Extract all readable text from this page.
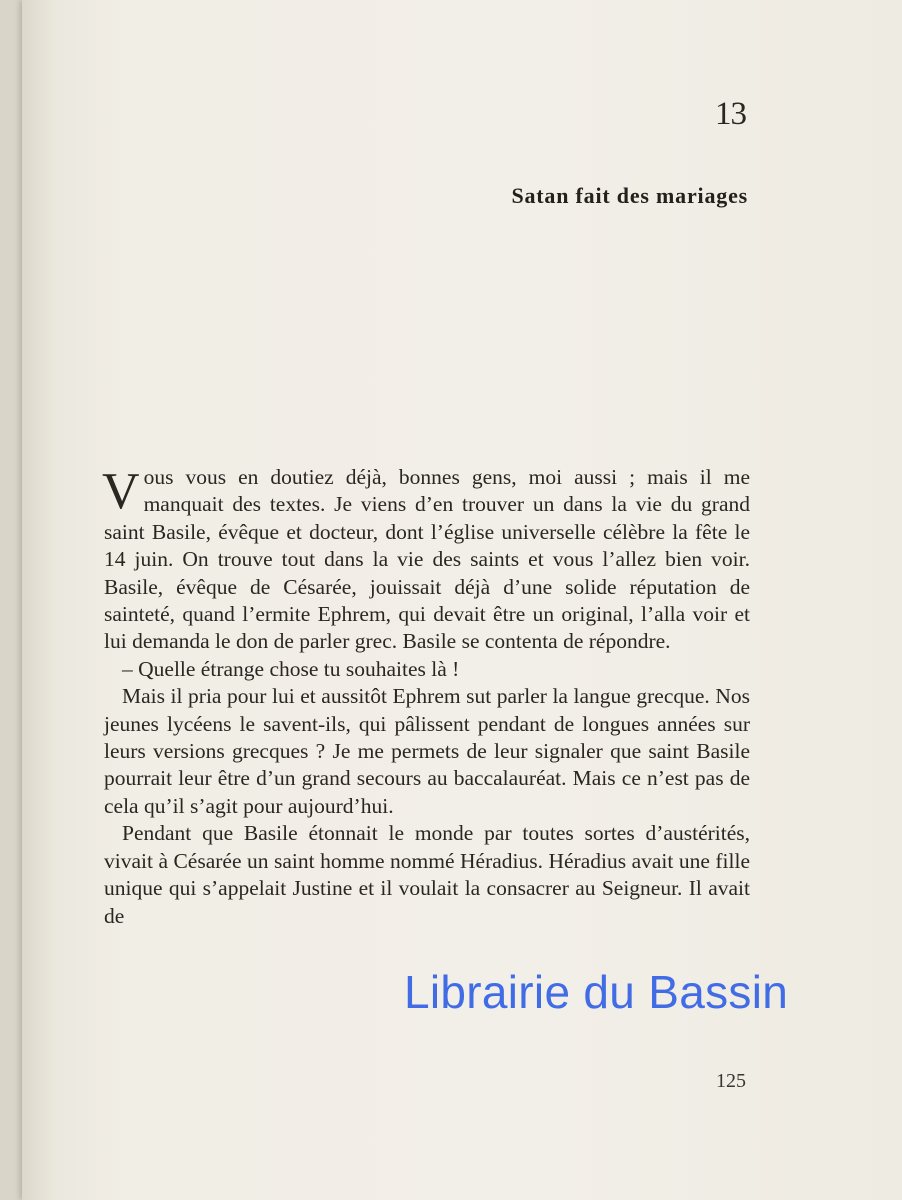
13
Satan fait des mariages

Vous vous en doutiez déjà, bonnes gens, moi aussi ; mais il me manquait des textes. Je viens d’en trouver un dans la vie du grand saint Basile, évêque et docteur, dont l’église universelle célèbre la fête le 14 juin. On trouve tout dans la vie des saints et vous l’allez bien voir. Basile, évêque de Césarée, jouissait déjà d’une solide réputation de sainteté, quand l’ermite Ephrem, qui devait être un original, l’alla voir et lui demanda le don de parler grec. Basile se contenta de répondre.

– Quelle étrange chose tu souhaites là !

Mais il pria pour lui et aussitôt Ephrem sut parler la langue grecque. Nos jeunes lycéens le savent-ils, qui pâlissent pendant de longues années sur leurs versions grecques ? Je me permets de leur signaler que saint Basile pourrait leur être d’un grand secours au baccalauréat. Mais ce n’est pas de cela qu’il s’agit pour aujourd’hui.

Pendant que Basile étonnait le monde par toutes sortes d’austérités, vivait à Césarée un saint homme nommé Héradius. Héradius avait une fille unique qui s’appelait Justine et il voulait la consacrer au Seigneur. Il avait de

125
Librairie du Bassin
